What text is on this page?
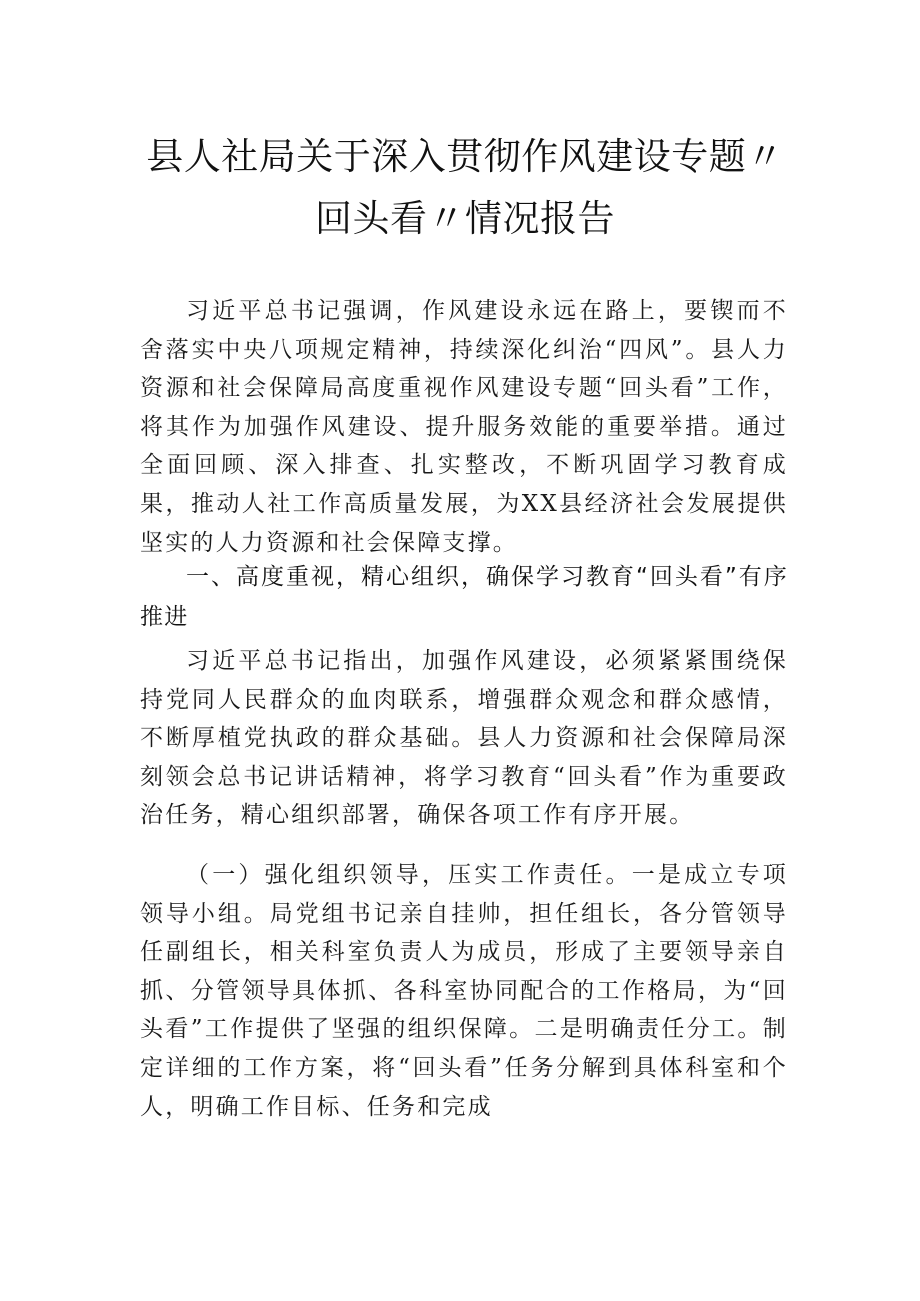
县人社局关于深入贯彻作风建设专题〃回头看〃情况报告

习近平总书记强调，作风建设永远在路上，要锲而不舍落实中央八项规定精神，持续深化纠治“四风”。县人力资源和社会保障局高度重视作风建设专题“回头看”工作，将其作为加强作风建设、提升服务效能的重要举措。通过全面回顾、深入排查、扎实整改，不断巩固学习教育成果，推动人社工作高质量发展，为XX县经济社会发展提供坚实的人力资源和社会保障支撑。

一、高度重视，精心组织，确保学习教育“回头看”有序推进

习近平总书记指出，加强作风建设，必须紧紧围绕保持党同人民群众的血肉联系，增强群众观念和群众感情，不断厚植党执政的群众基础。县人力资源和社会保障局深刻领会总书记讲话精神，将学习教育“回头看”作为重要政治任务，精心组织部署，确保各项工作有序开展。

（一）强化组织领导，压实工作责任。一是成立专项领导小组。局党组书记亲自挂帅，担任组长，各分管领导任副组长，相关科室负责人为成员，形成了主要领导亲自抓、分管领导具体抓、各科室协同配合的工作格局，为“回头看”工作提供了坚强的组织保障。二是明确责任分工。制定详细的工作方案，将“回头看”任务分解到具体科室和个人，明确工作目标、任务和完成
